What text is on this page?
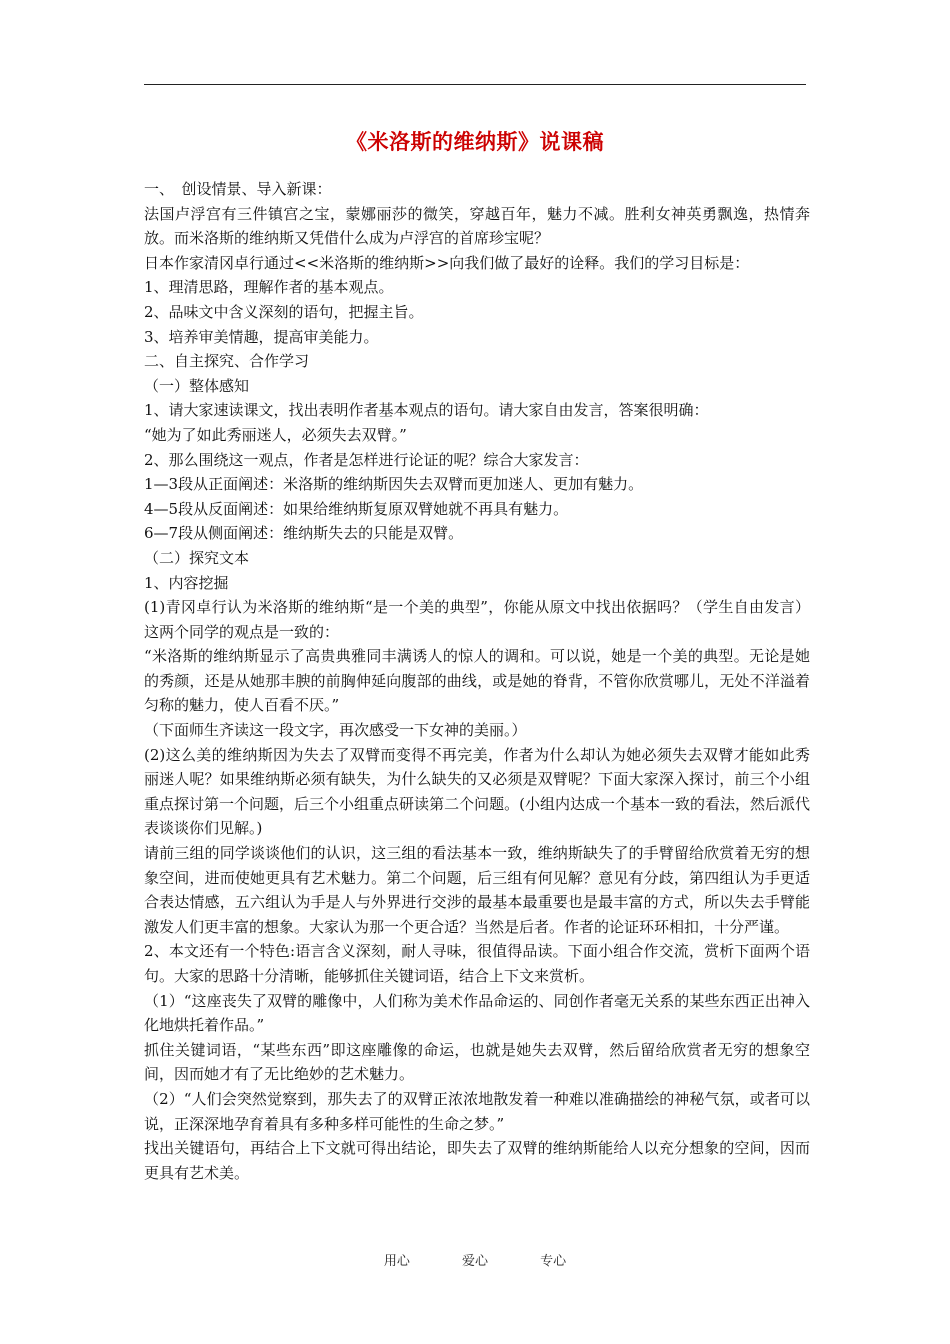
《米洛斯的维纳斯》说课稿

一、　创设情景、导入新课：

法国卢浮宫有三件镇宫之宝，蒙娜丽莎的微笑，穿越百年，魅力不减。胜利女神英勇飘逸，热情奔放。而米洛斯的维纳斯又凭借什么成为卢浮宫的首席珍宝呢？

日本作家清冈卓行通过<<米洛斯的维纳斯>>向我们做了最好的诠释。我们的学习目标是：

1、理清思路，理解作者的基本观点。

2、品味文中含义深刻的语句，把握主旨。

3、培养审美情趣，提高审美能力。

二、自主探究、合作学习

（一）整体感知

1、请大家速读课文，找出表明作者基本观点的语句。请大家自由发言，答案很明确：

“她为了如此秀丽迷人，必须失去双臂。”

2、那么围绕这一观点，作者是怎样进行论证的呢？综合大家发言：

1—3段从正面阐述：米洛斯的维纳斯因失去双臂而更加迷人、更加有魅力。

4—5段从反面阐述：如果给维纳斯复原双臂她就不再具有魅力。

6—7段从侧面阐述：维纳斯失去的只能是双臂。

（二）探究文本

1、内容挖掘

(1)青冈卓行认为米洛斯的维纳斯“是一个美的典型”，你能从原文中找出依据吗？（学生自由发言）这两个同学的观点是一致的：

“米洛斯的维纳斯显示了高贵典雅同丰满诱人的惊人的调和。可以说，她是一个美的典型。无论是她的秀颜，还是从她那丰腴的前胸伸延向腹部的曲线，或是她的脊背，不管你欣赏哪儿，无处不洋溢着匀称的魅力，使人百看不厌。”

（下面师生齐读这一段文字，再次感受一下女神的美丽。）

(2)这么美的维纳斯因为失去了双臂而变得不再完美，作者为什么却认为她必须失去双臂才能如此秀丽迷人呢？如果维纳斯必须有缺失，为什么缺失的又必须是双臂呢？下面大家深入探讨，前三个小组重点探讨第一个问题，后三个小组重点研读第二个问题。(小组内达成一个基本一致的看法，然后派代表谈谈你们见解。)

请前三组的同学谈谈他们的认识，这三组的看法基本一致，维纳斯缺失了的手臂留给欣赏着无穷的想象空间，进而使她更具有艺术魅力。第二个问题，后三组有何见解？意见有分歧，第四组认为手更适合表达情感，五六组认为手是人与外界进行交涉的最基本最重要也是最丰富的方式，所以失去手臂能激发人们更丰富的想象。大家认为那一个更合适？当然是后者。作者的论证环环相扣，十分严谨。

2、本文还有一个特色:语言含义深刻，耐人寻味，很值得品读。下面小组合作交流，赏析下面两个语句。大家的思路十分清晰，能够抓住关键词语，结合上下文来赏析。

（1）“这座丧失了双臂的雕像中，人们称为美术作品命运的、同创作者毫无关系的某些东西正出神入化地烘托着作品。”

抓住关键词语，“某些东西”即这座雕像的命运，也就是她失去双臂，然后留给欣赏者无穷的想象空间，因而她才有了无比绝妙的艺术魅力。

（2）“人们会突然觉察到，那失去了的双臂正浓浓地散发着一种难以准确描绘的神秘气氛，或者可以说，正深深地孕育着具有多种多样可能性的生命之梦。”

找出关键语句，再结合上下文就可得出结论，即失去了双臂的维纳斯能给人以充分想象的空间，因而更具有艺术美。

用心	爱心	专心
